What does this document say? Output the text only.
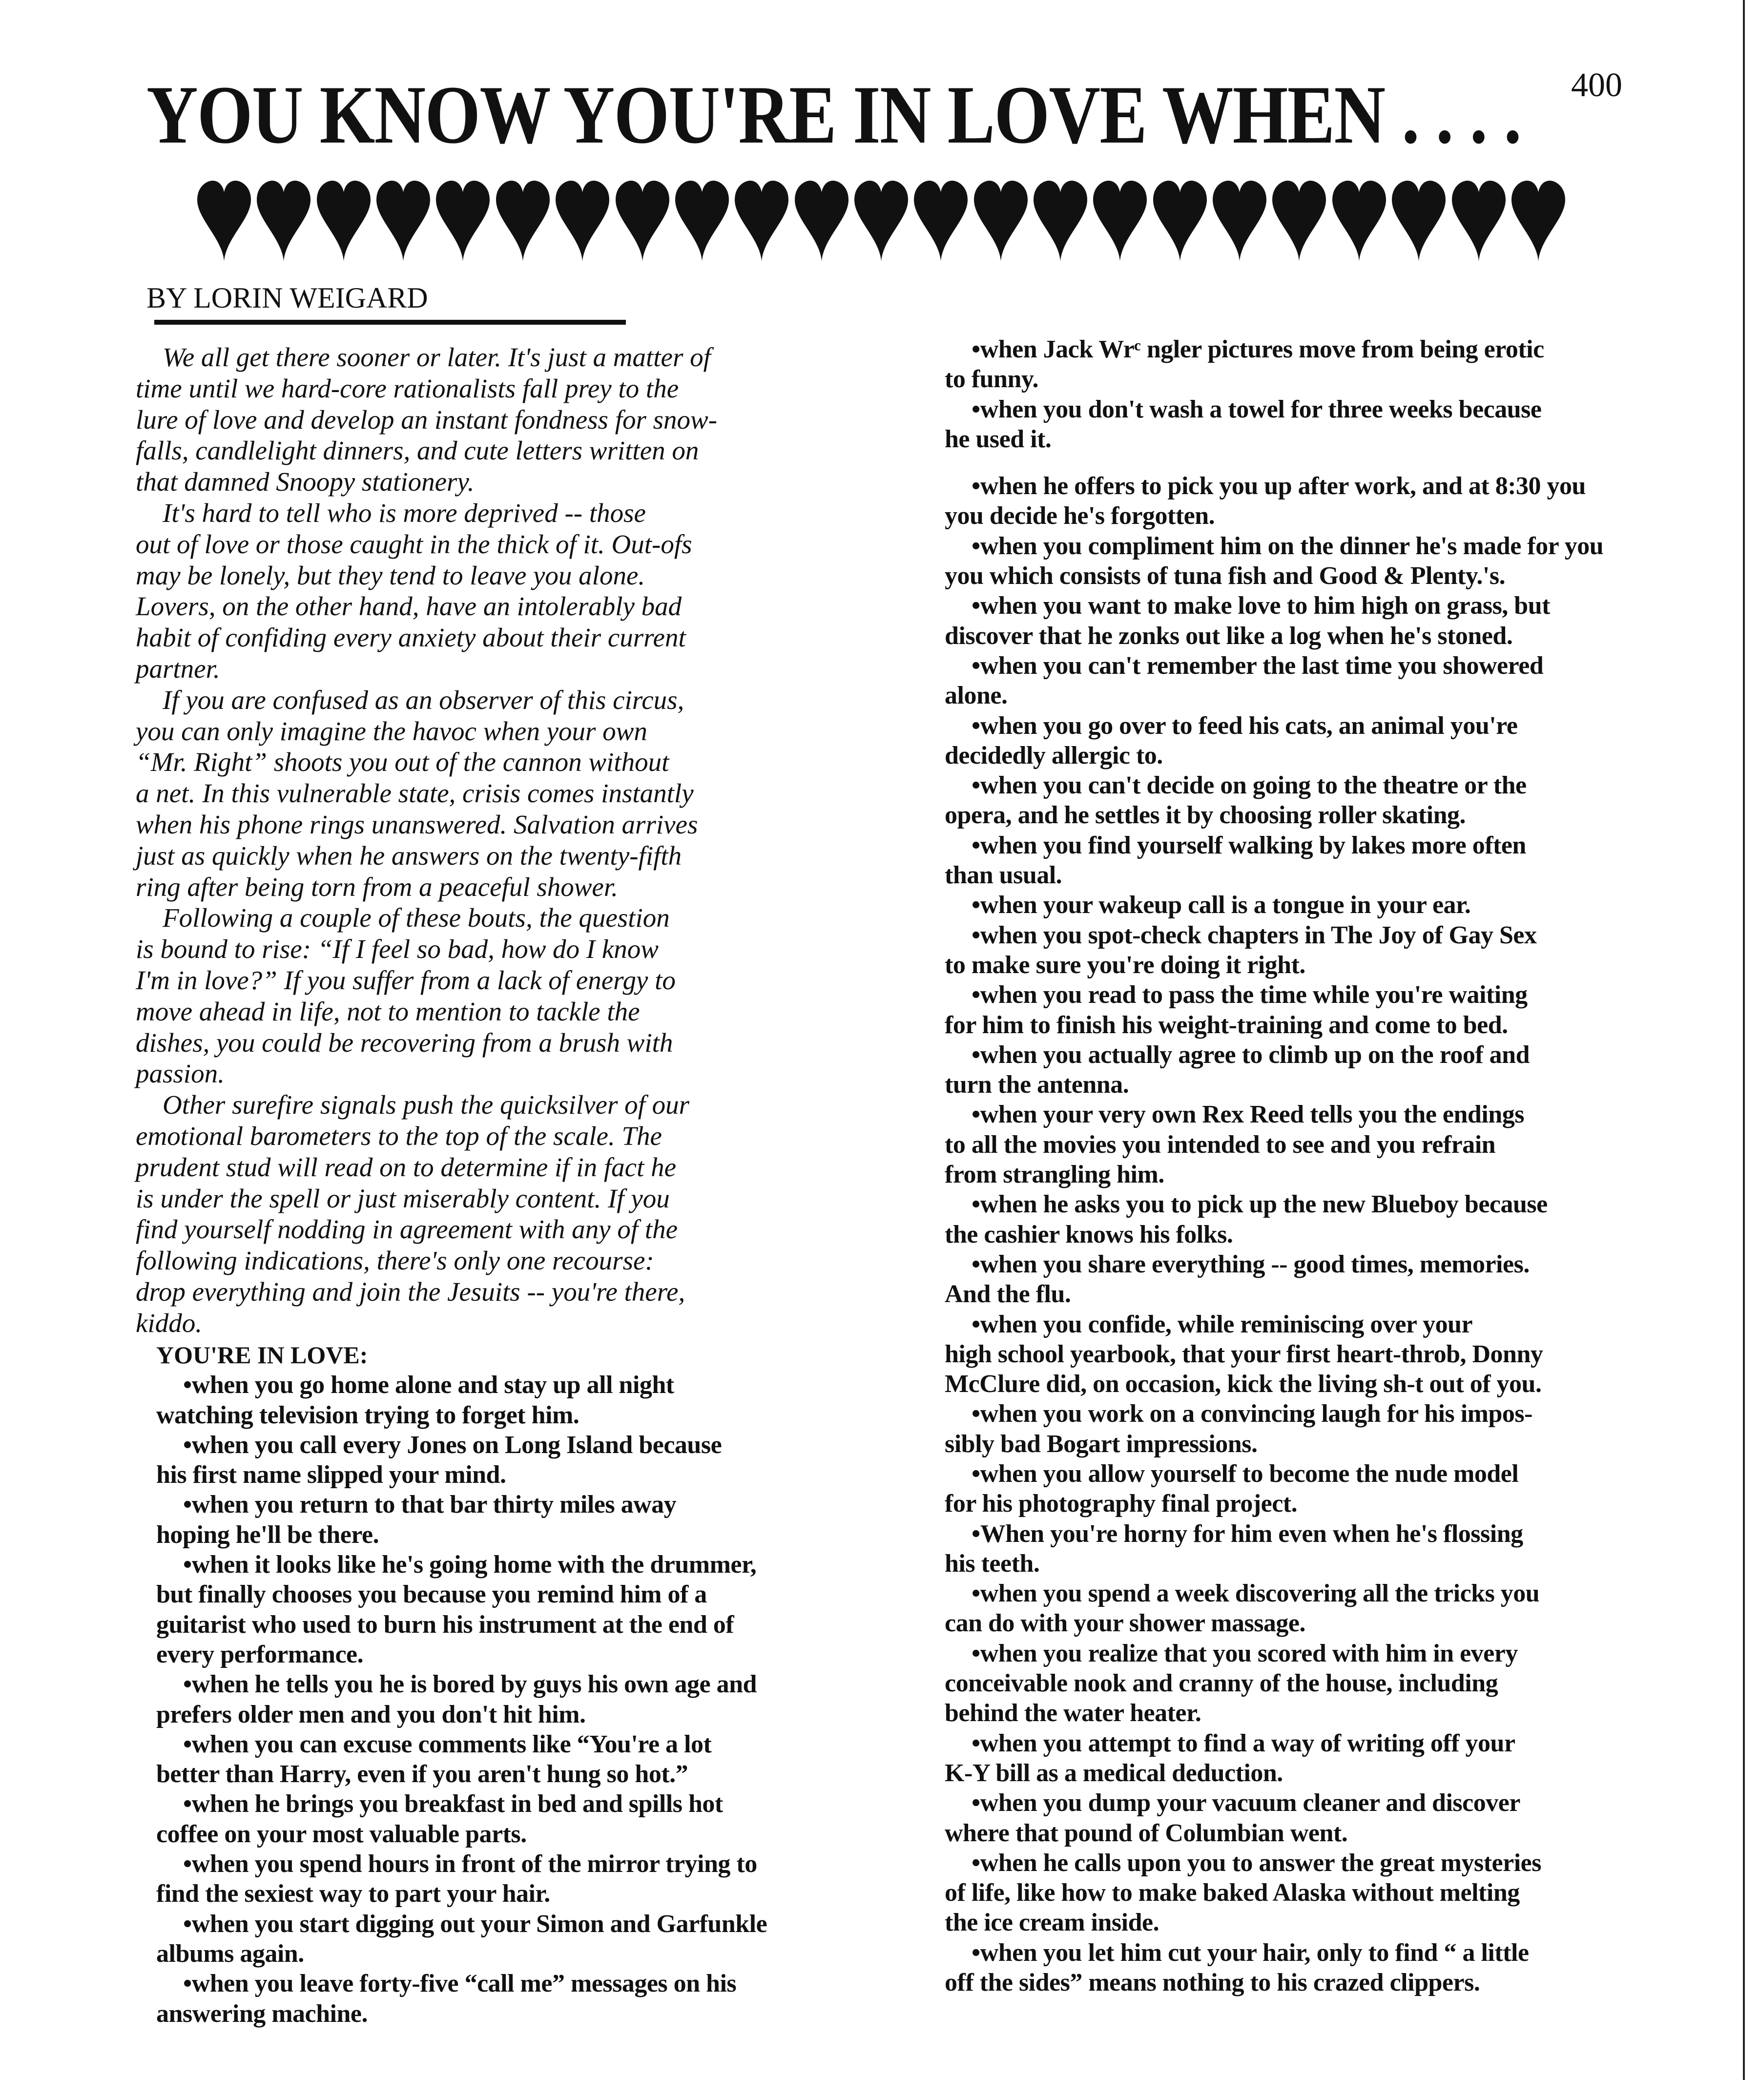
400
YOU KNOW YOU'RE IN LOVE WHEN . . . .
BY LORIN WEIGARD
We all get there sooner or later. It's just a matter of
time until we hard-core rationalists fall prey to the
lure of love and develop an instant fondness for snow-
falls, candlelight dinners, and cute letters written on
that damned Snoopy stationery.
It's hard to tell who is more deprived -- those
out of love or those caught in the thick of it. Out-ofs
may be lonely, but they tend to leave you alone.
Lovers, on the other hand, have an intolerably bad
habit of confiding every anxiety about their current
partner.
If you are confused as an observer of this circus,
you can only imagine the havoc when your own
“Mr. Right” shoots you out of the cannon without
a net. In this vulnerable state, crisis comes instantly
when his phone rings unanswered. Salvation arrives
just as quickly when he answers on the twenty-fifth
ring after being torn from a peaceful shower.
Following a couple of these bouts, the question
is bound to rise: “If I feel so bad, how do I know
I'm in love?” If you suffer from a lack of energy to
move ahead in life, not to mention to tackle the
dishes, you could be recovering from a brush with
passion.
Other surefire signals push the quicksilver of our
emotional barometers to the top of the scale. The
prudent stud will read on to determine if in fact he
is under the spell or just miserably content. If you
find yourself nodding in agreement with any of the
following indications, there's only one recourse:
drop everything and join the Jesuits -- you're there,
kiddo.
YOU'RE IN LOVE:
•when you go home alone and stay up all night
watching television trying to forget him.
•when you call every Jones on Long Island because
his first name slipped your mind.
•when you return to that bar thirty miles away
hoping he'll be there.
•when it looks like he's going home with the drummer,
but finally chooses you because you remind him of a
guitarist who used to burn his instrument at the end of
every performance.
•when he tells you he is bored by guys his own age and
prefers older men and you don't hit him.
•when you can excuse comments like “You're a lot
better than Harry, even if you aren't hung so hot.”
•when he brings you breakfast in bed and spills hot
coffee on your most valuable parts.
•when you spend hours in front of the mirror trying to
find the sexiest way to part your hair.
•when you start digging out your Simon and Garfunkle
albums again.
•when you leave forty-five “call me” messages on his
answering machine.
•when Jack Wrᶜ ngler pictures move from being erotic
to funny.
•when you don't wash a towel for three weeks because
he used it.
•when he offers to pick you up after work, and at 8:30 you
you decide he's forgotten.
•when you compliment him on the dinner he's made for you
you which consists of tuna fish and Good & Plenty.'s.
•when you want to make love to him high on grass, but
discover that he zonks out like a log when he's stoned.
•when you can't remember the last time you showered
alone.
•when you go over to feed his cats, an animal you're
decidedly allergic to.
•when you can't decide on going to the theatre or the
opera, and he settles it by choosing roller skating.
•when you find yourself walking by lakes more often
than usual.
•when your wakeup call is a tongue in your ear.
•when you spot-check chapters in The Joy of Gay Sex
to make sure you're doing it right.
•when you read to pass the time while you're waiting
for him to finish his weight-training and come to bed.
•when you actually agree to climb up on the roof and
turn the antenna.
•when your very own Rex Reed tells you the endings
to all the movies you intended to see and you refrain
from strangling him.
•when he asks you to pick up the new Blueboy because
the cashier knows his folks.
•when you share everything -- good times, memories.
And the flu.
•when you confide, while reminiscing over your
high school yearbook, that your first heart-throb, Donny
McClure did, on occasion, kick the living sh-t out of you.
•when you work on a convincing laugh for his impos-
sibly bad Bogart impressions.
•when you allow yourself to become the nude model
for his photography final project.
•When you're horny for him even when he's flossing
his teeth.
•when you spend a week discovering all the tricks you
can do with your shower massage.
•when you realize that you scored with him in every
conceivable nook and cranny of the house, including
behind the water heater.
•when you attempt to find a way of writing off your
K-Y bill as a medical deduction.
•when you dump your vacuum cleaner and discover
where that pound of Columbian went.
•when he calls upon you to answer the great mysteries
of life, like how to make baked Alaska without melting
the ice cream inside.
•when you let him cut your hair, only to find “ a little
off the sides” means nothing to his crazed clippers.
